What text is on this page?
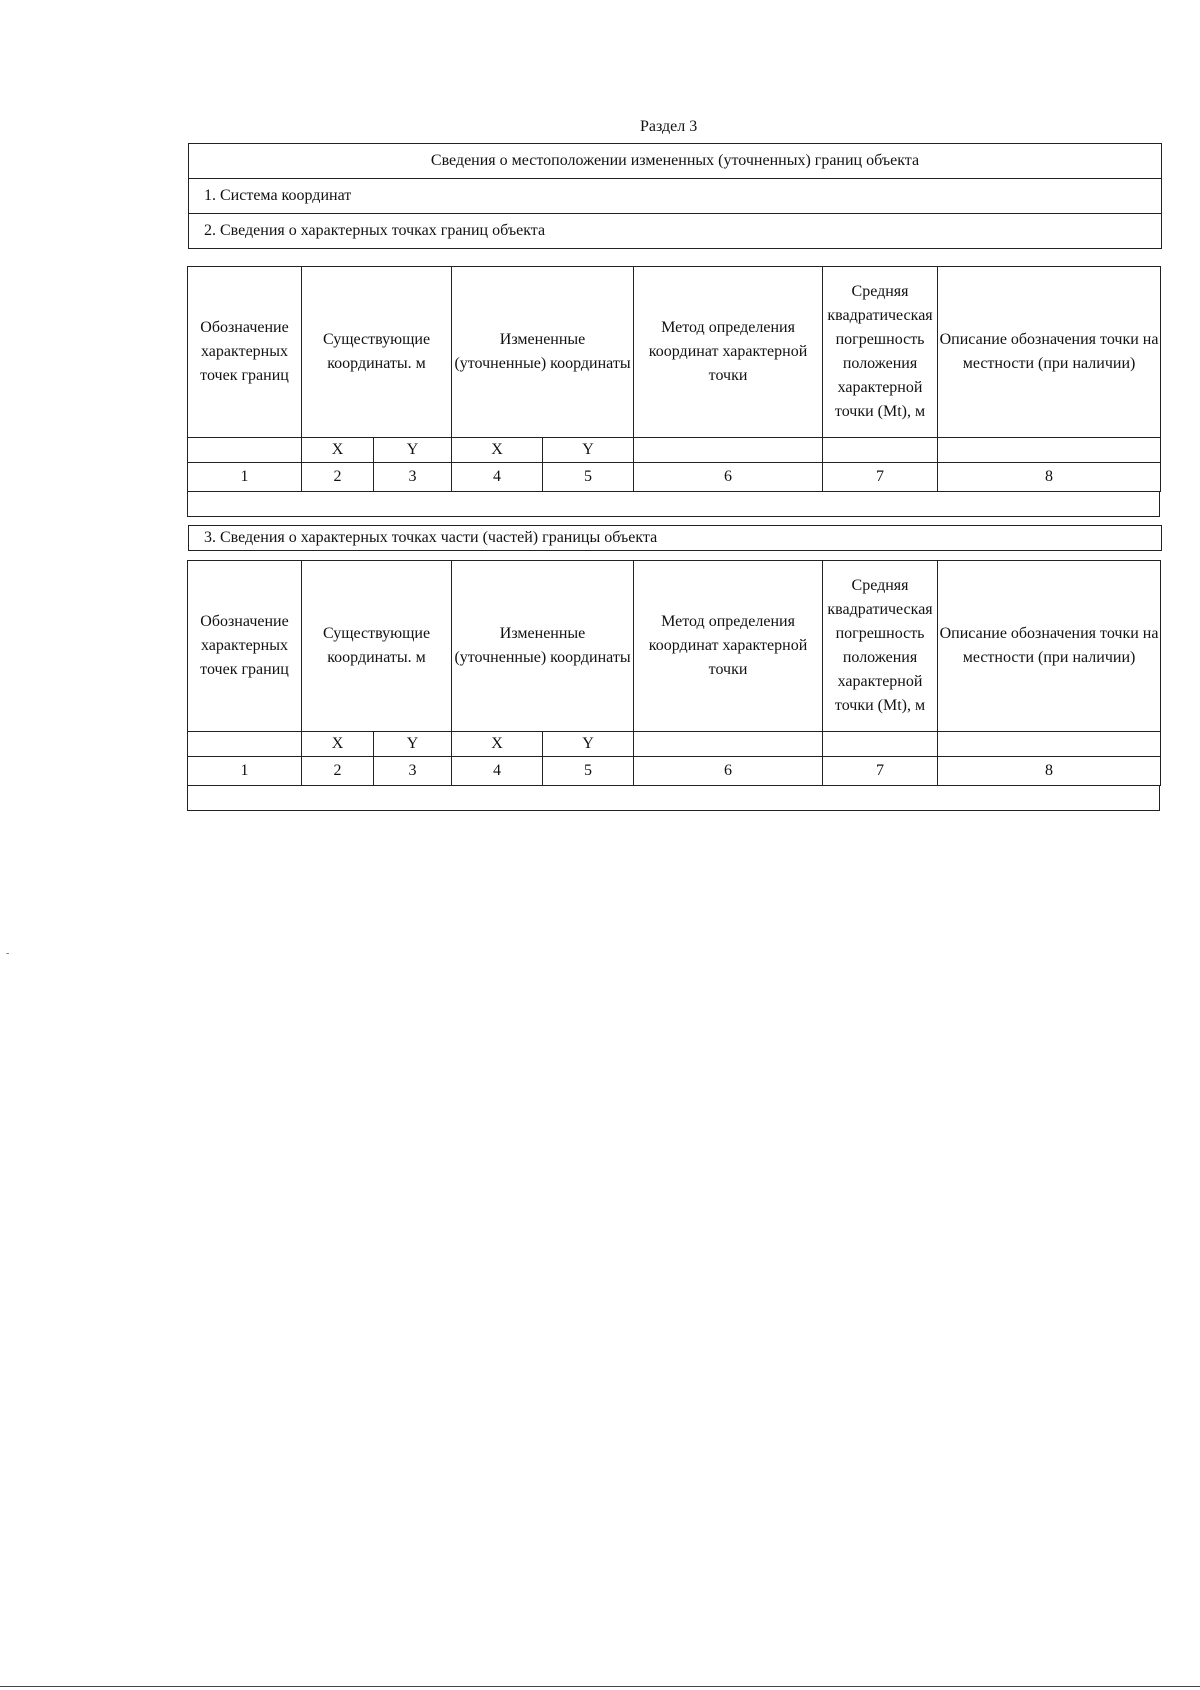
Раздел 3
Сведения о местоположении измененных (уточненных) границ объекта
1. Система координат
2. Сведения о характерных точках границ объекта
Обозначение характерных точек границ	Существующие координаты. м		Измененные (уточненные) координаты		Метод определения координат характерной точки	Средняя квадратическая погрешность положения характерной точки (Mt), м	Описание обозначения точки на местности (при наличии)
	X	Y	X	Y			
1	2	3	4	5	6	7	8
3. Сведения о характерных точках части (частей) границы объекта
Обозначение характерных точек границ	Существующие координаты. м		Измененные (уточненные) координаты		Метод определения координат характерной точки	Средняя квадратическая погрешность положения характерной точки (Mt), м	Описание обозначения точки на местности (при наличии)
	X	Y	X	Y			
1	2	3	4	5	6	7	8
-
